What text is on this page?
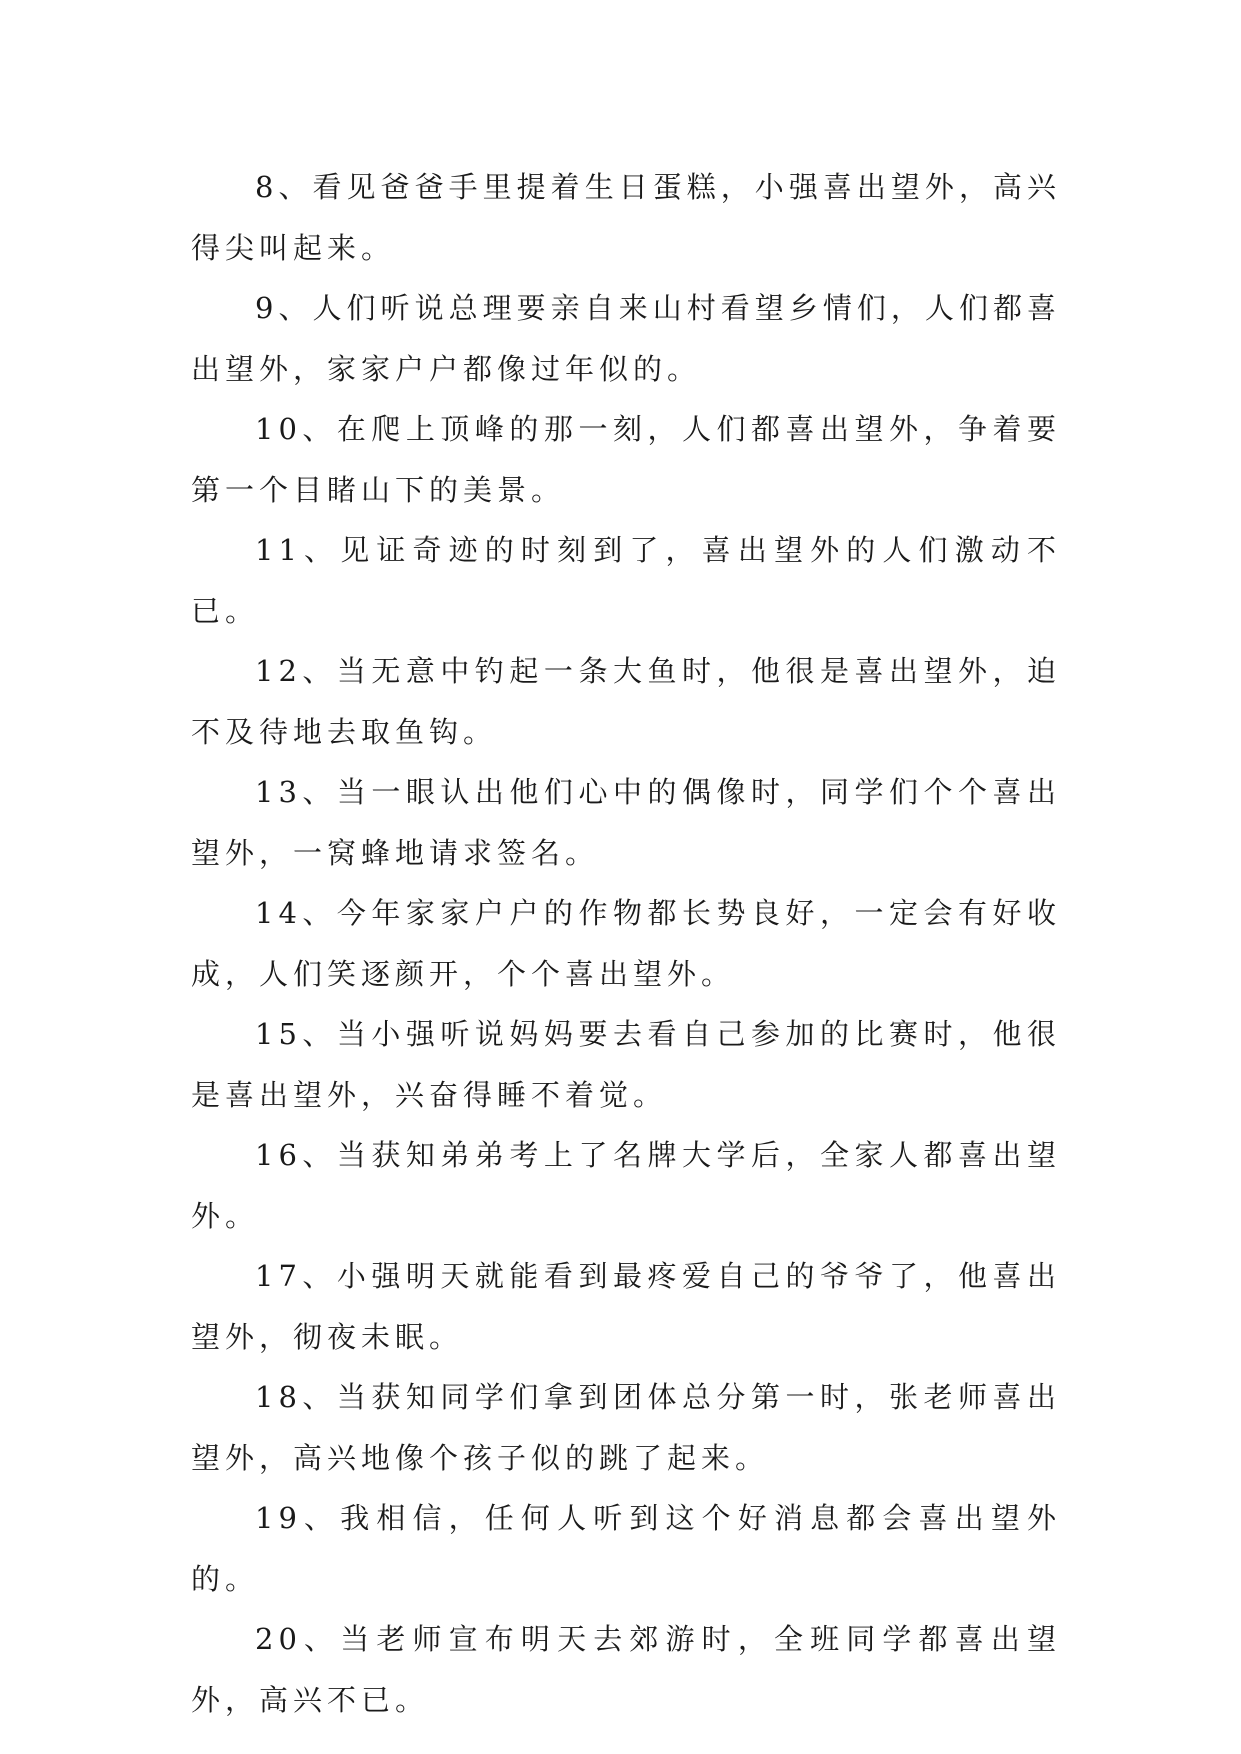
8、看见爸爸手里提着生日蛋糕，小强喜出望外，高兴得尖叫起来。

9、人们听说总理要亲自来山村看望乡情们，人们都喜出望外，家家户户都像过年似的。

10、在爬上顶峰的那一刻，人们都喜出望外，争着要第一个目睹山下的美景。

11、见证奇迹的时刻到了，喜出望外的人们激动不已。

12、当无意中钓起一条大鱼时，他很是喜出望外，迫不及待地去取鱼钩。

13、当一眼认出他们心中的偶像时，同学们个个喜出望外，一窝蜂地请求签名。

14、今年家家户户的作物都长势良好，一定会有好收成，人们笑逐颜开，个个喜出望外。

15、当小强听说妈妈要去看自己参加的比赛时，他很是喜出望外，兴奋得睡不着觉。

16、当获知弟弟考上了名牌大学后，全家人都喜出望外。

17、小强明天就能看到最疼爱自己的爷爷了，他喜出望外，彻夜未眠。

18、当获知同学们拿到团体总分第一时，张老师喜出望外，高兴地像个孩子似的跳了起来。

19、我相信，任何人听到这个好消息都会喜出望外的。

20、当老师宣布明天去郊游时，全班同学都喜出望外，高兴不已。
